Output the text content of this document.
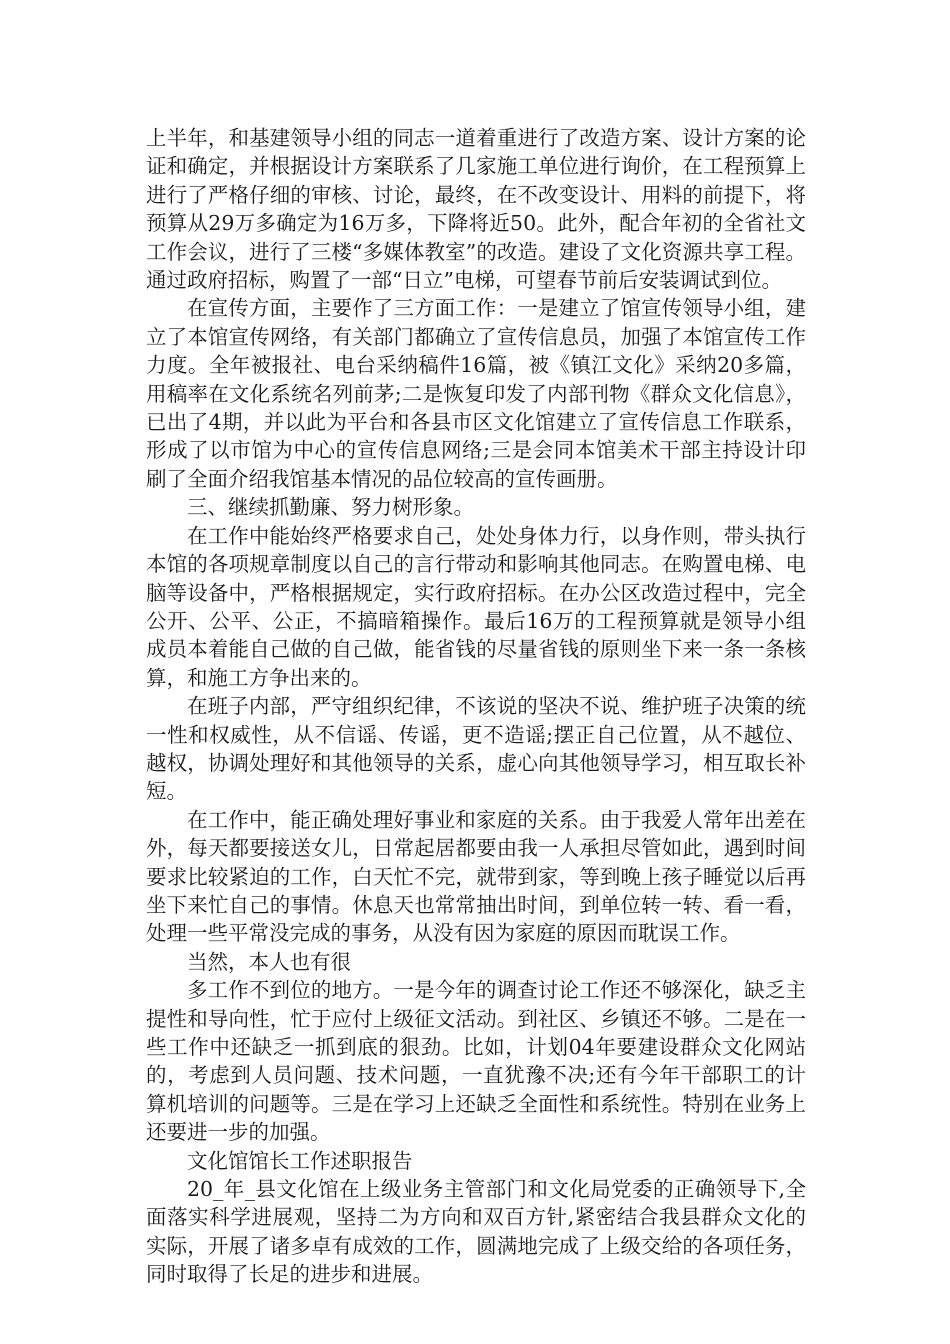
上半年，和基建领导小组的同志一道着重进行了改造方案、设计方案的论证和确定，并根据设计方案联系了几家施工单位进行询价，在工程预算上进行了严格仔细的审核、讨论，最终，在不改变设计、用料的前提下，将预算从29万多确定为16万多，下降将近50。此外，配合年初的全省社文工作会议，进行了三楼“多媒体教室”的改造。建设了文化资源共享工程。通过政府招标，购置了一部“日立”电梯，可望春节前后安装调试到位。

在宣传方面，主要作了三方面工作：一是建立了馆宣传领导小组，建立了本馆宣传网络，有关部门都确立了宣传信息员，加强了本馆宣传工作力度。全年被报社、电台采纳稿件16篇，被《镇江文化》采纳20多篇，用稿率在文化系统名列前茅;二是恢复印发了内部刊物《群众文化信息》，已出了4期，并以此为平台和各县市区文化馆建立了宣传信息工作联系，形成了以市馆为中心的宣传信息网络;三是会同本馆美术干部主持设计印刷了全面介绍我馆基本情况的品位较高的宣传画册。

三、继续抓勤廉、努力树形象。

在工作中能始终严格要求自己，处处身体力行，以身作则，带头执行本馆的各项规章制度以自己的言行带动和影响其他同志。在购置电梯、电脑等设备中，严格根据规定，实行政府招标。在办公区改造过程中，完全公开、公平、公正，不搞暗箱操作。最后16万的工程预算就是领导小组成员本着能自己做的自己做，能省钱的尽量省钱的原则坐下来一条一条核算，和施工方争出来的。

在班子内部，严守组织纪律，不该说的坚决不说、维护班子决策的统一性和权威性，从不信谣、传谣，更不造谣;摆正自己位置，从不越位、越权，协调处理好和其他领导的关系，虚心向其他领导学习，相互取长补短。

在工作中，能正确处理好事业和家庭的关系。由于我爱人常年出差在外，每天都要接送女儿，日常起居都要由我一人承担尽管如此，遇到时间要求比较紧迫的工作，白天忙不完，就带到家，等到晚上孩子睡觉以后再坐下来忙自己的事情。休息天也常常抽出时间，到单位转一转、看一看，处理一些平常没完成的事务，从没有因为家庭的原因而耽误工作。

当然，本人也有很

多工作不到位的地方。一是今年的调查讨论工作还不够深化，缺乏主提性和导向性，忙于应付上级征文活动。到社区、乡镇还不够。二是在一些工作中还缺乏一抓到底的狠劲。比如，计划04年要建设群众文化网站的，考虑到人员问题、技术问题，一直犹豫不决;还有今年干部职工的计算机培训的问题等。三是在学习上还缺乏全面性和系统性。特别在业务上还要进一步的加强。

文化馆馆长工作述职报告

20_年_县文化馆在上级业务主管部门和文化局党委的正确领导下,全面落实科学进展观，坚持二为方向和双百方针,紧密结合我县群众文化的实际，开展了诸多卓有成效的工作，圆满地完成了上级交给的各项任务，同时取得了长足的进步和进展。
